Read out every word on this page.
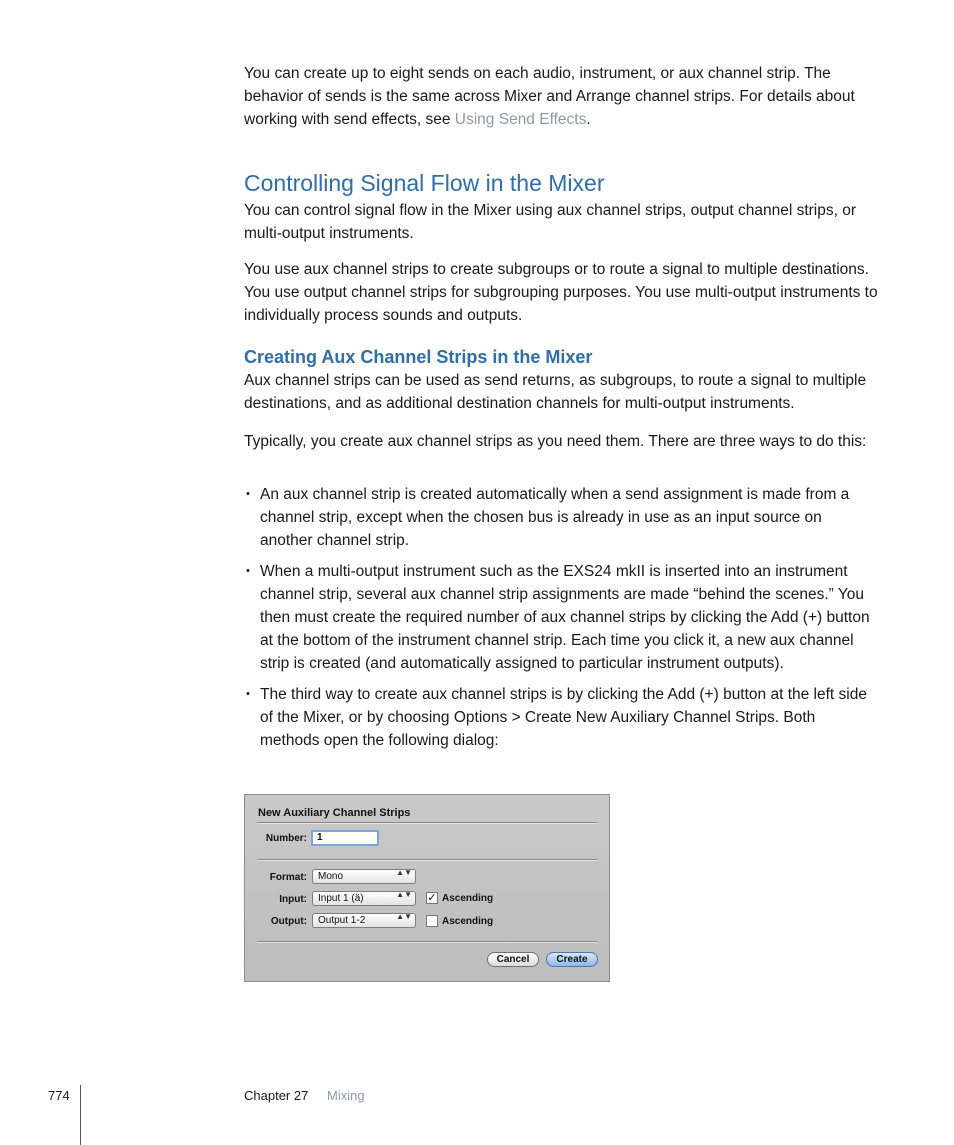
You can create up to eight sends on each audio, instrument, or aux channel strip. The behavior of sends is the same across Mixer and Arrange channel strips. For details about working with send effects, see Using Send Effects.

Controlling Signal Flow in the Mixer

You can control signal flow in the Mixer using aux channel strips, output channel strips, or multi-output instruments.

You use aux channel strips to create subgroups or to route a signal to multiple destinations. You use output channel strips for subgrouping purposes. You use multi-output instruments to individually process sounds and outputs.

Creating Aux Channel Strips in the Mixer

Aux channel strips can be used as send returns, as subgroups, to route a signal to multiple destinations, and as additional destination channels for multi-output instruments.

Typically, you create aux channel strips as you need them. There are three ways to do this:

• An aux channel strip is created automatically when a send assignment is made from a channel strip, except when the chosen bus is already in use as an input source on another channel strip.
• When a multi-output instrument such as the EXS24 mkII is inserted into an instrument channel strip, several aux channel strip assignments are made “behind the scenes.” You then must create the required number of aux channel strips by clicking the Add (+) button at the bottom of the instrument channel strip. Each time you click it, a new aux channel strip is created (and automatically assigned to particular instrument outputs).
• The third way to create aux channel strips is by clicking the Add (+) button at the left side of the Mixer, or by choosing Options > Create New Auxiliary Channel Strips. Both methods open the following dialog:
New Auxiliary Channel Strips
Number:	1
Format:	Mono	▲▼
Input:	Input 1 (ä)	▲▼ ✓ Ascending
Output:	Output 1-2	▲▼	Ascending
Cancel	Create
774	Chapter 27 Mixing
